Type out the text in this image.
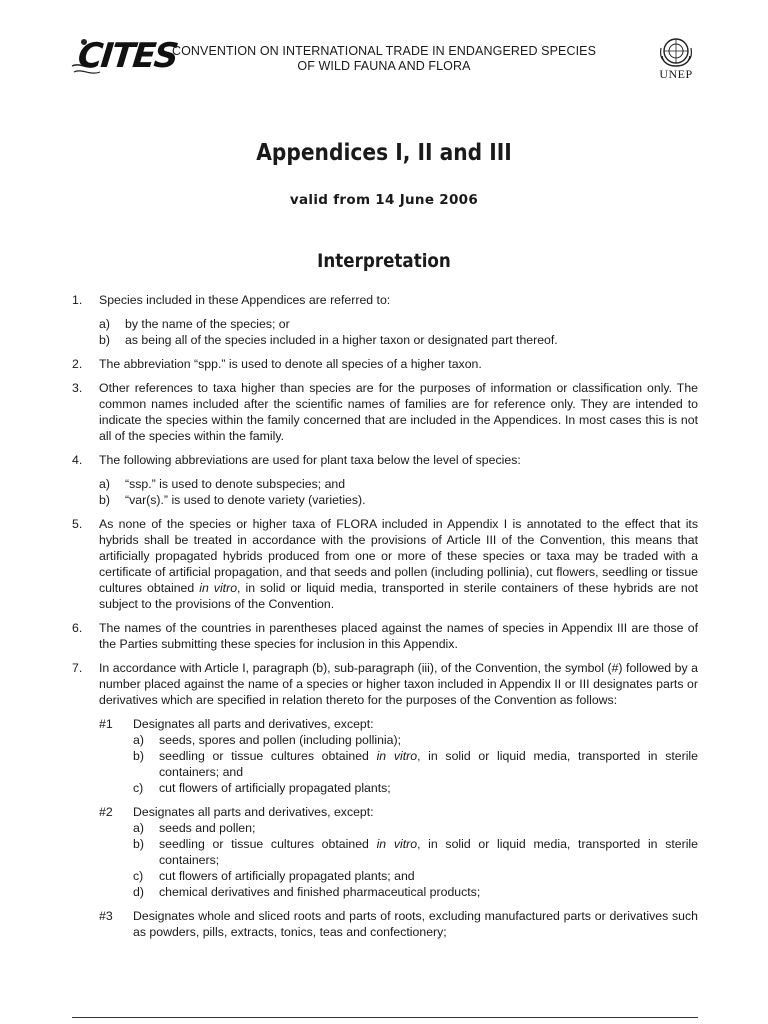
CITES
CONVENTION ON INTERNATIONAL TRADE IN ENDANGERED SPECIES
OF WILD FAUNA AND FLORA
UNEP
Appendices I, II and III
valid from 14 June 2006
Interpretation
1. Species included in these Appendices are referred to:

a) by the name of the species; or
b) as being all of the species included in a higher taxon or designated part thereof.
2. The abbreviation “spp.” is used to denote all species of a higher taxon.

3. Other references to taxa higher than species are for the purposes of information or classification only. The common names included after the scientific names of families are for reference only. They are intended to indicate the species within the family concerned that are included in the Appendices. In most cases this is not all of the species within the family.

4. The following abbreviations are used for plant taxa below the level of species:

a) “ssp.” is used to denote subspecies; and
b) “var(s).” is used to denote variety (varieties).
5. As none of the species or higher taxa of FLORA included in Appendix I is annotated to the effect that its hybrids shall be treated in accordance with the provisions of Article III of the Convention, this means that artificially propagated hybrids produced from one or more of these species or taxa may be traded with a certificate of artificial propagation, and that seeds and pollen (including pollinia), cut flowers, seedling or tissue cultures obtained in vitro, in solid or liquid media, transported in sterile containers of these hybrids are not subject to the provisions of the Convention.

6. The names of the countries in parentheses placed against the names of species in Appendix III are those of the Parties submitting these species for inclusion in this Appendix.

7. In accordance with Article I, paragraph (b), sub-paragraph (iii), of the Convention, the symbol (#) followed by a number placed against the name of a species or higher taxon included in Appendix II or III designates parts or derivatives which are specified in relation thereto for the purposes of the Convention as follows:

#1 Designates all parts and derivatives, except:
a) seeds, spores and pollen (including pollinia);
b) seedling or tissue cultures obtained in vitro, in solid or liquid media, transported in sterile containers; and
c) cut flowers of artificially propagated plants;
#2 Designates all parts and derivatives, except:
a) seeds and pollen;
b) seedling or tissue cultures obtained in vitro, in solid or liquid media, transported in sterile containers;
c) cut flowers of artificially propagated plants; and
d) chemical derivatives and finished pharmaceutical products;
#3 Designates whole and sliced roots and parts of roots, excluding manufactured parts or derivatives such as powders, pills, extracts, tonics, teas and confectionery;
